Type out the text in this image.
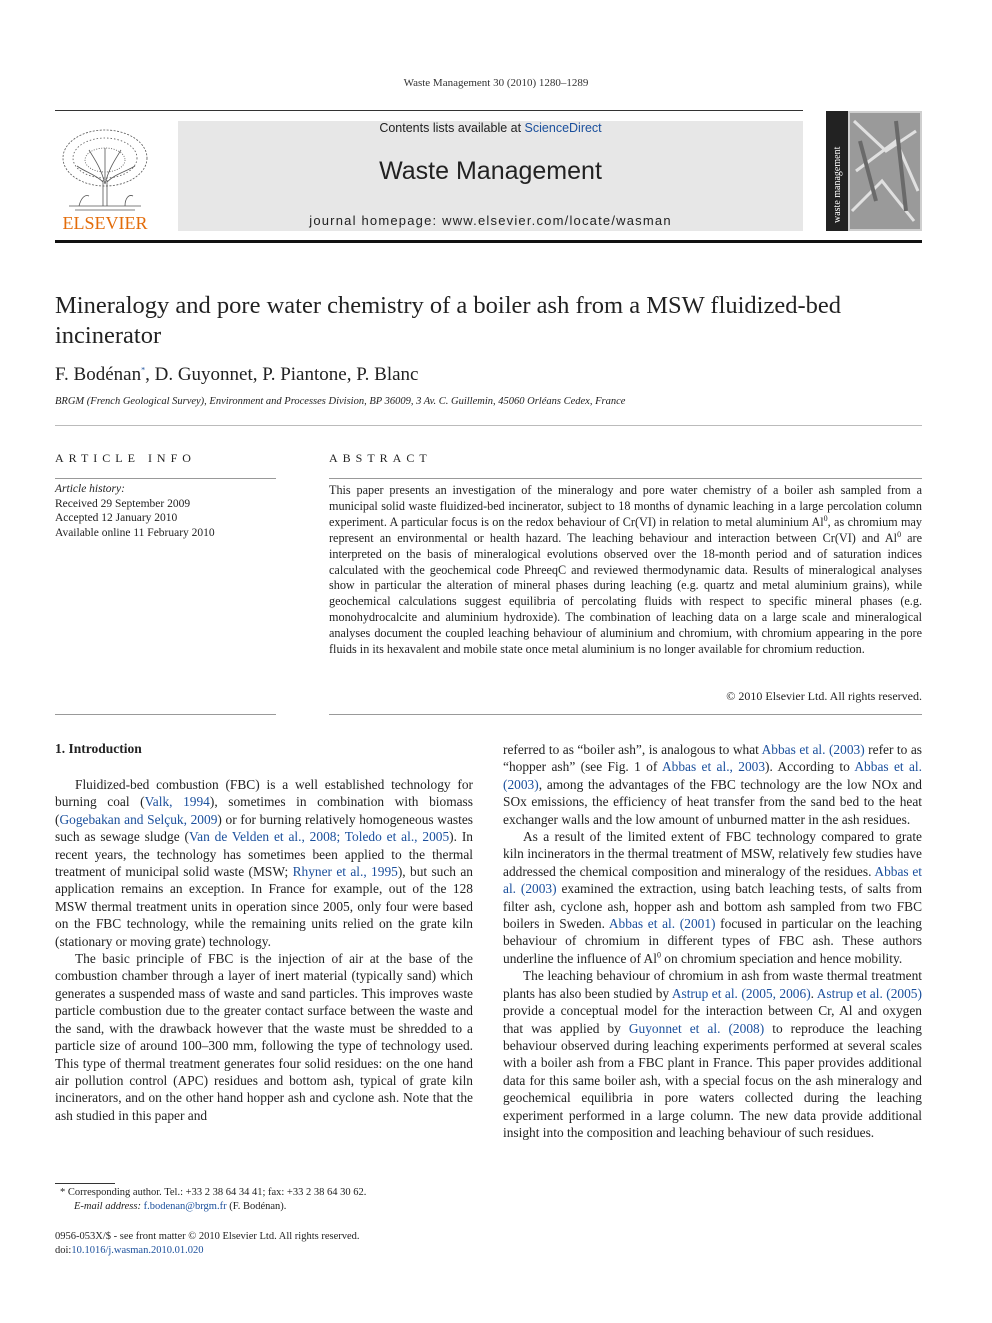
Waste Management 30 (2010) 1280–1289
ELSEVIER
Contents lists available at ScienceDirect
Waste Management
journal homepage: www.elsevier.com/locate/wasman	waste management
Mineralogy and pore water chemistry of a boiler ash from a MSW fluidized-bed incinerator
F. Bodénan*, D. Guyonnet, P. Piantone, P. Blanc
BRGM (French Geological Survey), Environment and Processes Division, BP 36009, 3 Av. C. Guillemin, 45060 Orléans Cedex, France
ARTICLE INFO	ABSTRACT
Article history:
Received 29 September 2009
Accepted 12 January 2010
Available online 11 February 2010
This paper presents an investigation of the mineralogy and pore water chemistry of a boiler ash sampled from a municipal solid waste fluidized-bed incinerator, subject to 18 months of dynamic leaching in a large percolation column experiment. A particular focus is on the redox behaviour of Cr(VI) in relation to metal aluminium Al$^0$, as chromium may represent an environmental or health hazard. The leaching behaviour and interaction between Cr(VI) and Al$^0$ are interpreted on the basis of mineralogical evolutions observed over the 18-month period and of saturation indices calculated with the geochemical code PhreeqC and reviewed thermodynamic data. Results of mineralogical analyses show in particular the alteration of mineral phases during leaching (e.g. quartz and metal aluminium grains), while geochemical calculations suggest equilibria of percolating fluids with respect to specific mineral phases (e.g. monohydrocalcite and aluminium hydroxide). The combination of leaching data on a large scale and mineralogical analyses document the coupled leaching behaviour of aluminium and chromium, with chromium appearing in the pore fluids in its hexavalent and mobile state once metal aluminium is no longer available for chromium reduction.
© 2010 Elsevier Ltd. All rights reserved.
1. Introduction

Fluidized-bed combustion (FBC) is a well established technology for burning coal (Valk, 1994), sometimes in combination with biomass (Gogebakan and Selçuk, 2009) or for burning relatively homogeneous wastes such as sewage sludge (Van de Velden et al., 2008; Toledo et al., 2005). In recent years, the technology has sometimes been applied to the thermal treatment of municipal solid waste (MSW; Rhyner et al., 1995), but such an application remains an exception. In France for example, out of the 128 MSW thermal treatment units in operation since 2005, only four were based on the FBC technology, while the remaining units relied on the grate kiln (stationary or moving grate) technology.

The basic principle of FBC is the injection of air at the base of the combustion chamber through a layer of inert material (typically sand) which generates a suspended mass of waste and sand particles. This improves waste particle combustion due to the greater contact surface between the waste and the sand, with the drawback however that the waste must be shredded to a particle size of around 100–300 mm, following the type of technology used. This type of thermal treatment generates four solid residues: on the one hand air pollution control (APC) residues and bottom ash, typical of grate kiln incinerators, and on the other hand hopper ash and cyclone ash. Note that the ash studied in this paper and

referred to as “boiler ash”, is analogous to what Abbas et al. (2003) refer to as “hopper ash” (see Fig. 1 of Abbas et al., 2003). According to Abbas et al. (2003), among the advantages of the FBC technology are the low NOx and SOx emissions, the efficiency of heat transfer from the sand bed to the heat exchanger walls and the low amount of unburned matter in the ash residues.

As a result of the limited extent of FBC technology compared to grate kiln incinerators in the thermal treatment of MSW, relatively few studies have addressed the chemical composition and mineralogy of the residues. Abbas et al. (2003) examined the extraction, using batch leaching tests, of salts from filter ash, cyclone ash, hopper ash and bottom ash sampled from two FBC boilers in Sweden. Abbas et al. (2001) focused in particular on the leaching behaviour of chromium in different types of FBC ash. These authors underline the influence of Al$^0$ on chromium speciation and hence mobility.

The leaching behaviour of chromium in ash from waste thermal treatment plants has also been studied by Astrup et al. (2005, 2006). Astrup et al. (2005) provide a conceptual model for the interaction between Cr, Al and oxygen that was applied by Guyonnet et al. (2008) to reproduce the leaching behaviour observed during leaching experiments performed at several scales with a boiler ash from a FBC plant in France. This paper provides additional data for this same boiler ash, with a special focus on the ash mineralogy and geochemical equilibria in pore waters collected during the leaching experiment performed in a large column. The new data provide additional insight into the composition and leaching behaviour of such residues.

* Corresponding author. Tel.: +33 2 38 64 34 41; fax: +33 2 38 64 30 62.
E-mail address: f.bodenan@brgm.fr (F. Bodénan).
0956-053X/$ - see front matter © 2010 Elsevier Ltd. All rights reserved.
doi:10.1016/j.wasman.2010.01.020
